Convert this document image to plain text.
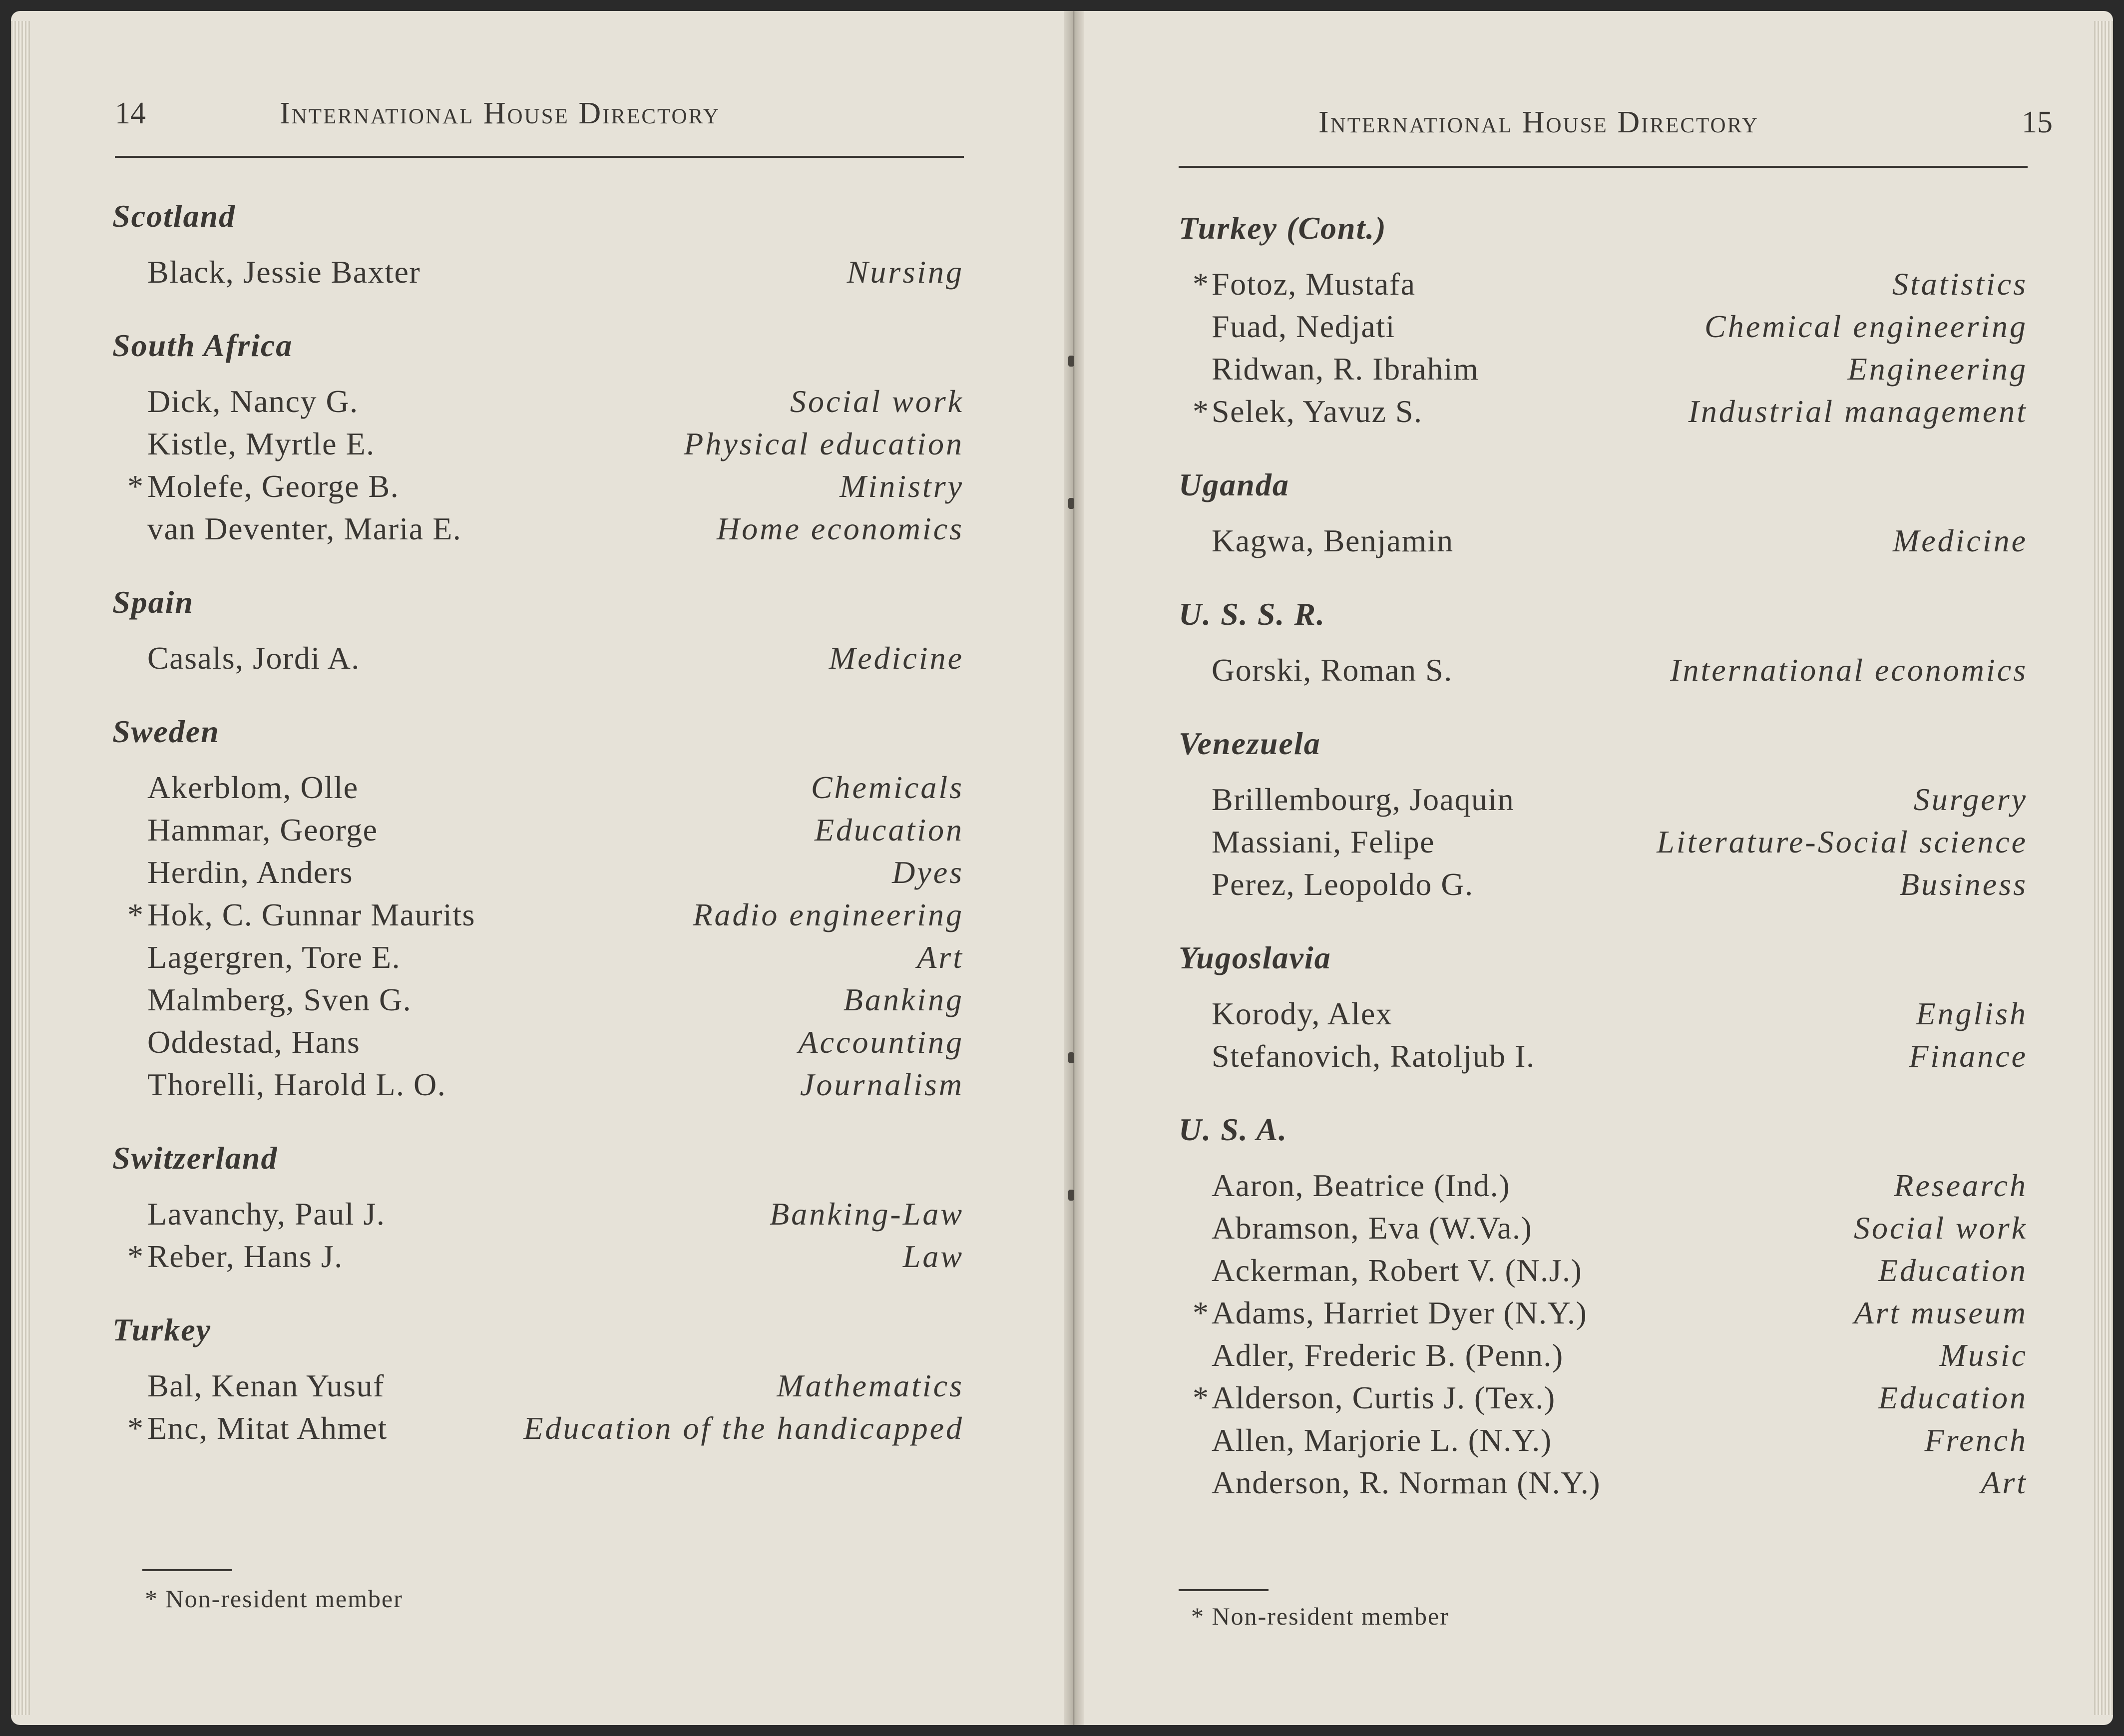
14	International House Directory
Scotland
Black, Jessie Baxter	Nursing
South Africa
Dick, Nancy G.	Social work
Kistle, Myrtle E.	Physical education
* Molefe, George B.	Ministry
van Deventer, Maria E.	Home economics
Spain
Casals, Jordi A.	Medicine
Sweden
Akerblom, Olle	Chemicals
Hammar, George	Education
Herdin, Anders	Dyes
* Hok, C. Gunnar Maurits	Radio engineering
Lagergren, Tore E.	Art
Malmberg, Sven G.	Banking
Oddestad, Hans	Accounting
Thorelli, Harold L. O.	Journalism
Switzerland
Lavanchy, Paul J.	Banking-Law
* Reber, Hans J.	Law
Turkey
Bal, Kenan Yusuf	Mathematics
* Enc, Mitat Ahmet	Education of the handicapped
* Non-resident member
International House Directory	15
Turkey (Cont.)
* Fotoz, Mustafa	Statistics
Fuad, Nedjati	Chemical engineering
Ridwan, R. Ibrahim	Engineering
* Selek, Yavuz S.	Industrial management
Uganda
Kagwa, Benjamin	Medicine
U. S. S. R.
Gorski, Roman S.	International economics
Venezuela
Brillembourg, Joaquin	Surgery
Massiani, Felipe	Literature-Social science
Perez, Leopoldo G.	Business
Yugoslavia
Korody, Alex	English
Stefanovich, Ratoljub I.	Finance
U. S. A.
Aaron, Beatrice (Ind.)	Research
Abramson, Eva (W.Va.)	Social work
Ackerman, Robert V. (N.J.)	Education
* Adams, Harriet Dyer (N.Y.)	Art museum
Adler, Frederic B. (Penn.)	Music
* Alderson, Curtis J. (Tex.)	Education
Allen, Marjorie L. (N.Y.)	French
Anderson, R. Norman (N.Y.)	Art
* Non-resident member
